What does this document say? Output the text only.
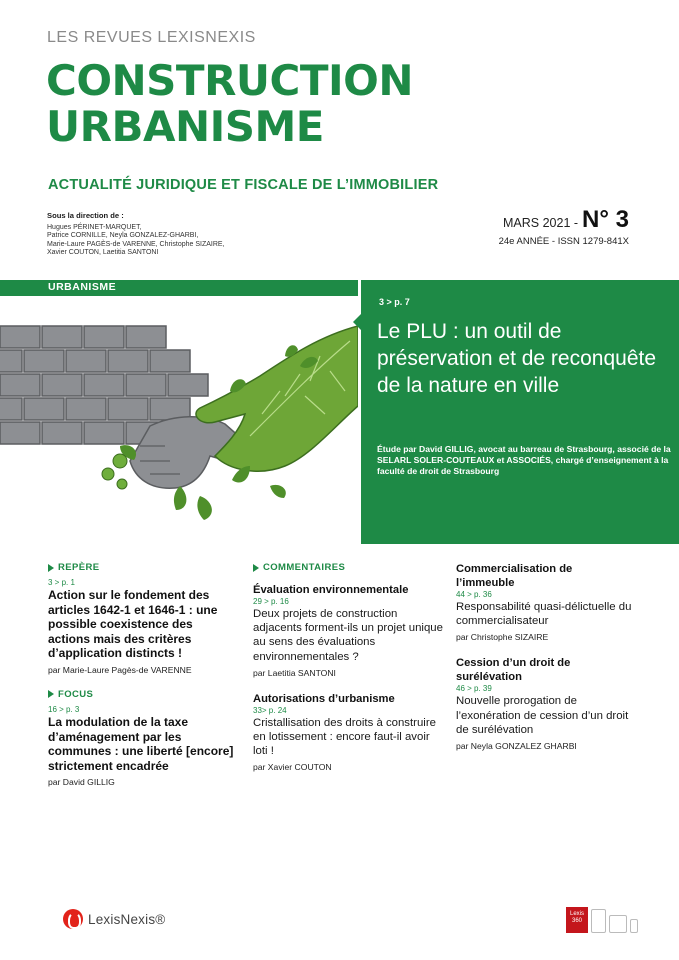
LES REVUES LEXISNEXIS
CONSTRUCTION
URBANISME
ACTUALITÉ JURIDIQUE ET FISCALE DE L’IMMOBILIER
Sous la direction de :
Hugues PÉRINET-MARQUET,
Patrice CORNILLE, Neyla GONZALEZ-GHARBI,
Marie-Laure PAGÈS-de VARENNE, Christophe SIZAIRE,
Xavier COUTON, Laetitia SANTONI
MARS 2021 - N° 3
24e ANNÉE - ISSN 1279-841X
URBANISME
3 > p. 7
Le PLU : un outil de préservation et de reconquête de la nature en ville
Étude par David GILLIG, avocat au barreau de Strasbourg, associé de la SELARL SOLER-COUTEAUX et ASSOCIÉS, chargé d’enseignement à la faculté de droit de Strasbourg
REPÈRE
3 > p. 1
Action sur le fondement des articles 1642-1 et 1646-1 : une possible coexistence des actions mais des critères d’application distincts !
par Marie-Laure Pagès-de VARENNE
FOCUS
16 > p. 3
La modulation de la taxe d’aménagement par les communes : une liberté [encore] strictement encadrée
par David GILLIG
COMMENTAIRES
Évaluation environnementale
29 > p. 16
Deux projets de construction adjacents forment-ils un projet unique au sens des évaluations environnementales ?
par Laetitia SANTONI
Autorisations d’urbanisme
33> p. 24
Cristallisation des droits à construire en lotissement : encore faut-il avoir loti !
par Xavier COUTON
Commercialisation de l’immeuble
44 > p. 36
Responsabilité quasi-délictuelle du commercialisateur
par Christophe SIZAIRE
Cession d’un droit de surélévation
46 > p. 39
Nouvelle prorogation de l’exonération de cession d’un droit de surélévation
par Neyla GONZALEZ GHARBI
LexisNexis®	Lexis 360
